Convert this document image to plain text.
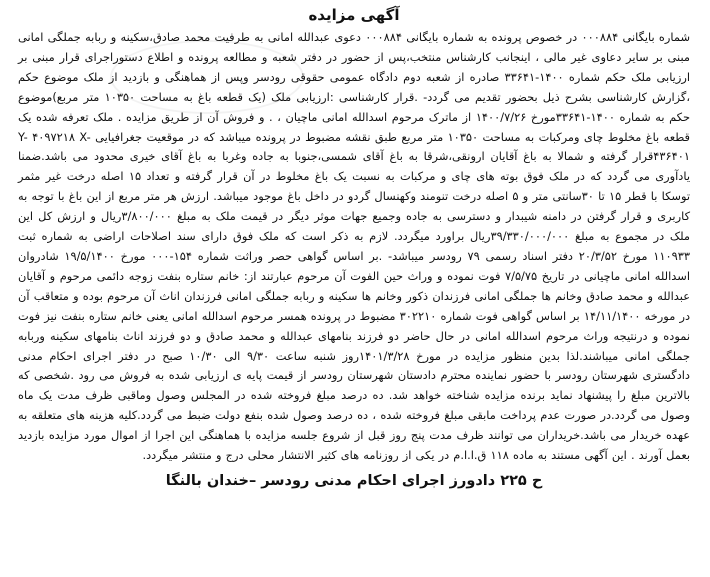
آگهی مزایده

شماره بایگانی ۰۰۰۸۸۴ در خصوص پرونده به شماره بایگانی ۰۰۰۸۸۴ دعوی عبدالله امانی به طرفیت محمد صادق،سکینه و ربابه جملگی امانی مبنی بر سایر دعاوی غیر مالی ، اینجانب کارشناس منتخب،پس از حضور در دفتر شعبه و مطالعه پرونده و اطلاع دستوراجرای قرار مبنی بر ارزیابی ملک حکم شماره ۱۴۰۰-۳۳۶۴۱ صادره از شعبه دوم دادگاه عمومی حقوقی رودسر وپس از هماهنگی و بازدید از ملک موضوع حکم ،گزارش کارشناسی بشرح ذیل بحضور تقدیم می گردد- .قرار کارشناسی :ارزیابی ملک (یک قطعه باغ به مساحت ۱۰۳۵۰ متر مربع)موضوع حکم به شماره ۱۴۰۰-۳۳۶۴۱مورخ ۱۴۰۰/۷/۲۶ از ماترک مرحوم اسدالله امانی ماچیان ، . و فروش آن از طریق مزایده . ملک تعرفه شده یک قطعه باغ مخلوط چای ومرکبات به مساحت ۱۰۳۵۰ متر مربع طبق نقشه مضبوط در پرونده میباشد که در موقعیت جغرافیایی Y- ۴۰۹۷۲۱۸ X- ۴۳۶۴۰۱قرار گرفته و شمالا به باغ آقایان ارونقی،شرقا به باغ آقای شمسی،جنوبا به جاده وغربا به باغ آقای خیری محدود می باشد.ضمنا یادآوری می گردد که در ملک فوق بوته های چای و مرکبات به نسبت یک باغ مخلوط در آن قرار گرفته و تعداد ۱۵ اصله درخت غیر مثمر توسکا با قطر ۱۵ تا ۳۰سانتی متر و ۵ اصله درخت تنومند وکهنسال گردو در داخل باغ موجود میباشد. ارزش هر متر مربع از این باغ با توجه به کاربری و قرار گرفتن در دامنه شیبدار و دسترسی به جاده وجمیع جهات موثر دیگر در قیمت ملک به مبلغ ۳/۸۰۰/۰۰۰ریال و ارزش کل این ملک در مجموع به مبلغ ۳۹/۳۳۰/۰۰۰/۰۰۰ریال براورد میگردد. لازم به ذکر است که ملک فوق دارای سند اصلاحات اراضی به شماره ثبت ۱۱۰۹۳۳ مورخ ۲۰/۳/۵۲ دفتر اسناد رسمی ۷۹ رودسر میباشد- .بر اساس گواهی حصر وراثت شماره ۱۵۴-۰۰۰ مورخ ۱۹/۵/۱۴۰۰ شادروان اسدالله امانی ماچیانی در تاریخ ۷/۵/۷۵ فوت نموده و وراث حین الفوت آن مرحوم عبارتند از: خانم ستاره بنفت زوجه دائمی مرحوم و آقایان عبدالله و محمد صادق وخانم ها جملگی امانی فرزندان ذکور وخانم ها سکینه و ربابه جملگی امانی فرزندان اناث آن مرحوم بوده و متعاقب آن در مورخه ۱۴/۱۱/۱۴۰۰ بر اساس گواهی فوت شماره ۳۰۲۲۱۰ مضبوط در پرونده همسر مرحوم اسدالله امانی یعنی خانم ستاره بنفت نیز فوت نموده و درنتیجه وراث مرحوم اسدالله امانی در حال حاضر دو فرزند بنامهای عبدالله و محمد صادق و دو فرزند اناث بنامهای سکینه وربابه جملگی امانی میباشند.لذا بدین منظور مزایده در مورخ ۱۴۰۱/۳/۲۸روز شنبه ساعت ۹/۳۰ الی ۱۰/۳۰ صبح در دفتر اجرای احکام مدنی دادگستری شهرستان رودسر با حضور نماینده محترم دادستان شهرستان رودسر از قیمت پایه ی ارزیابی شده به فروش می رود .شخصی که بالاترین مبلغ را پیشنهاد نماید برنده مزایده شناخته خواهد شد. ده درصد مبلغ فروخته شده در المجلس وصول وماقبی ظرف مدت یک ماه وصول می گردد.در صورت عدم پرداخت مابقی مبلغ فروخته شده ، ده درصد وصول شده بنفع دولت ضبط می گردد.کلیه هزینه های متعلقه به عهده خریدار می باشد.خریداران می توانند ظرف مدت پنج روز قبل از شروع جلسه مزایده با هماهنگی این اجرا از اموال مورد مزایده بازدید بعمل آورند . این آگهی مستند به ماده ۱۱۸ ق.ا.ا.م در یکی از روزنامه های کثیر الانتشار محلی درج و منتشر میگردد.

ح ۲۲۵ دادورز اجرای احکام مدنی رودسر –خندان بالنگا
